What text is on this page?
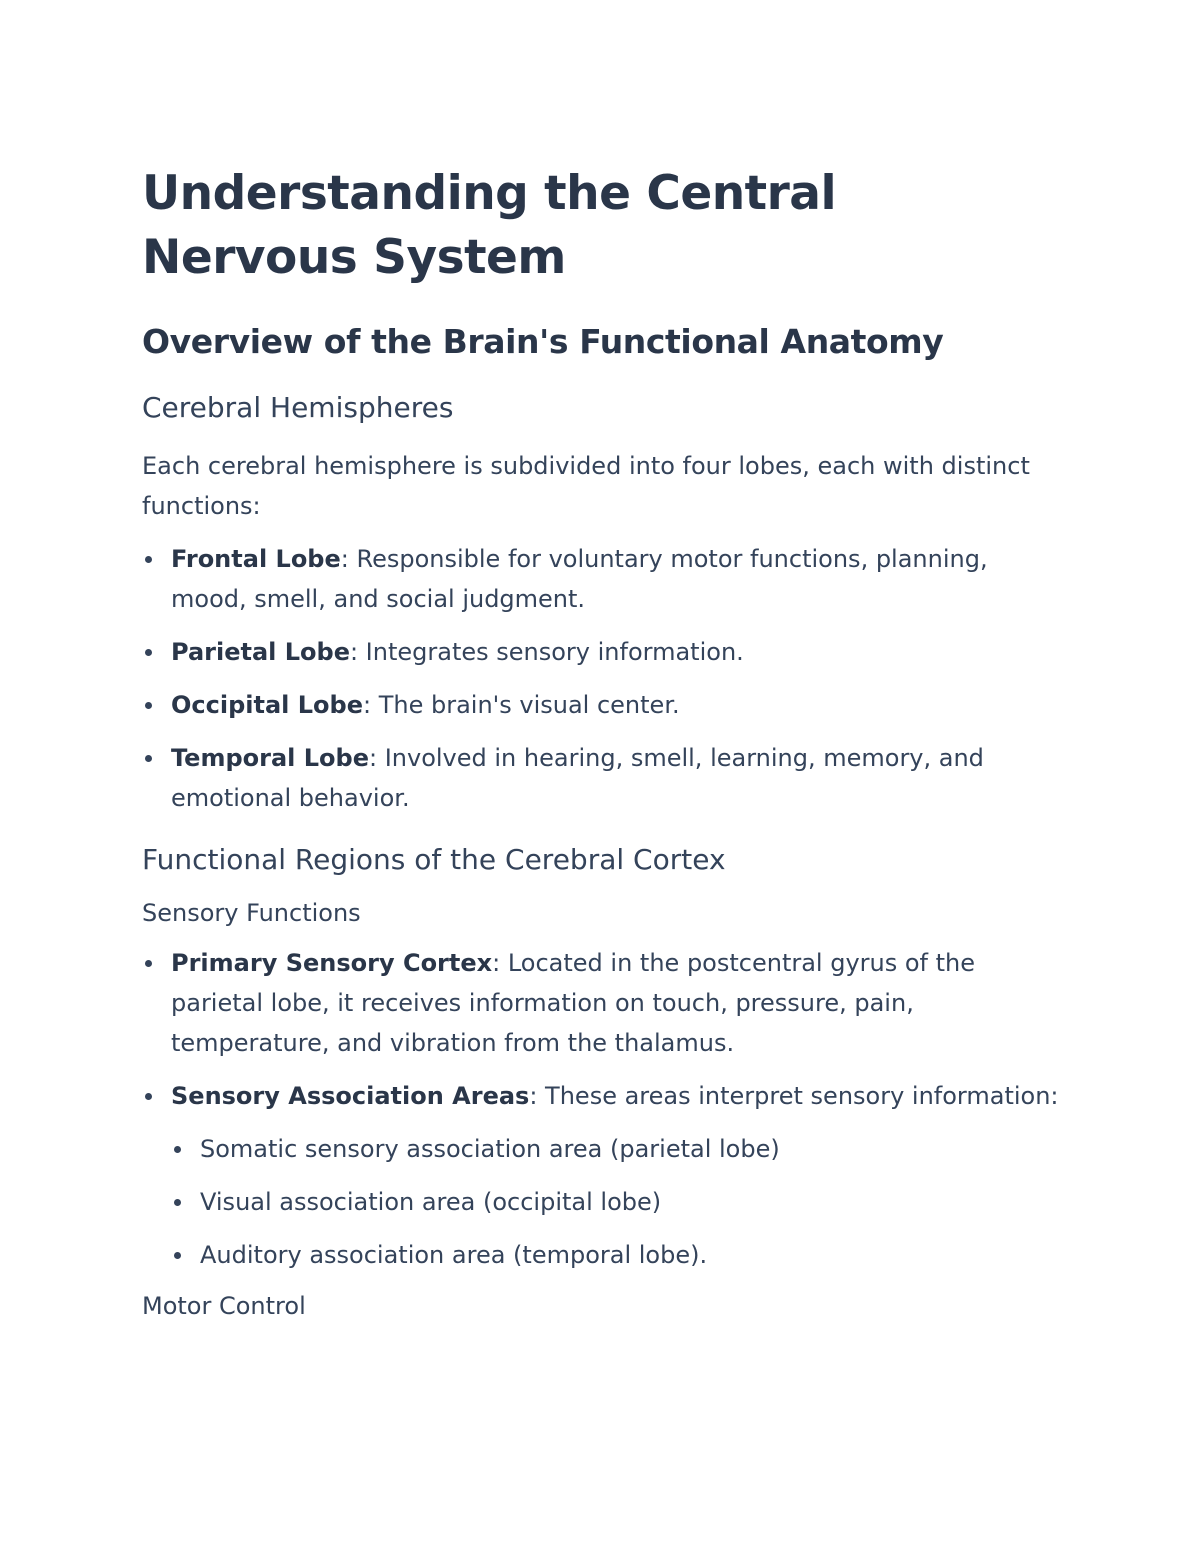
Understanding the Central Nervous System
Overview of the Brain's Functional Anatomy
Cerebral Hemispheres

Each cerebral hemisphere is subdivided into four lobes, each with distinct functions:

Frontal Lobe: Responsible for voluntary motor functions, planning, mood, smell, and social judgment.
Parietal Lobe: Integrates sensory information.
Occipital Lobe: The brain's visual center.
Temporal Lobe: Involved in hearing, smell, learning, memory, and emotional behavior.
Functional Regions of the Cerebral Cortex
Sensory Functions
Primary Sensory Cortex: Located in the postcentral gyrus of the parietal lobe, it receives information on touch, pressure, pain, temperature, and vibration from the thalamus.
Sensory Association Areas: These areas interpret sensory information:
Somatic sensory association area (parietal lobe)
Visual association area (occipital lobe)
Auditory association area (temporal lobe).
Motor Control
